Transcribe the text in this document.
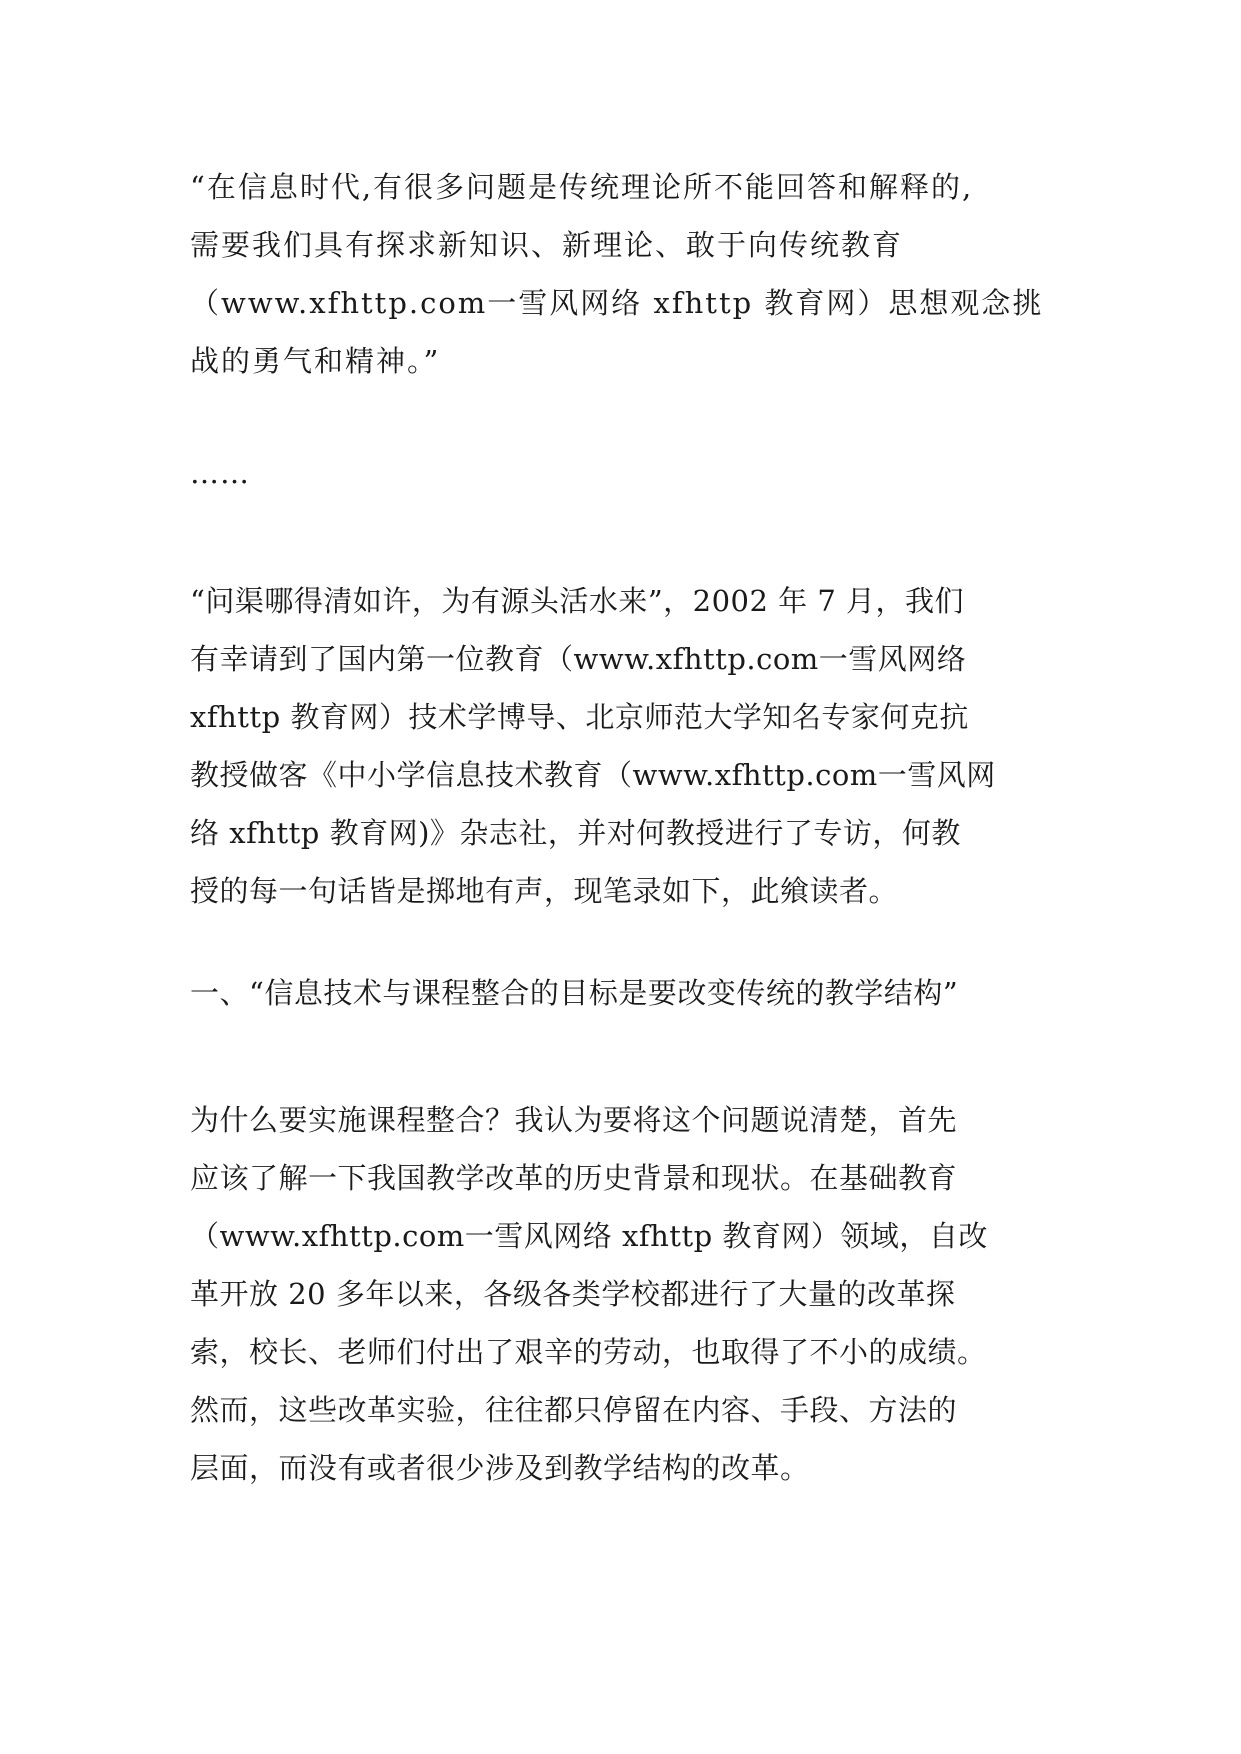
“在信息时代,有很多问题是传统理论所不能回答和解释的,
需要我们具有探求新知识、新理论、敢于向传统教育
（www.xfhttp.com一雪风网络 xfhttp 教育网）思想观念挑
战的勇气和精神。”
……
“问渠哪得清如许，为有源头活水来”，2002 年 7 月，我们
有幸请到了国内第一位教育（www.xfhttp.com一雪风网络
xfhttp 教育网）技术学博导、北京师范大学知名专家何克抗
教授做客《中小学信息技术教育（www.xfhttp.com一雪风网
络 xfhttp 教育网)》杂志社，并对何教授进行了专访，何教
授的每一句话皆是掷地有声，现笔录如下，此飨读者。
一、“信息技术与课程整合的目标是要改变传统的教学结构”
为什么要实施课程整合？我认为要将这个问题说清楚，首先
应该了解一下我国教学改革的历史背景和现状。在基础教育
（www.xfhttp.com一雪风网络 xfhttp 教育网）领域，自改
革开放 20 多年以来，各级各类学校都进行了大量的改革探
索，校长、老师们付出了艰辛的劳动，也取得了不小的成绩。
然而，这些改革实验，往往都只停留在内容、手段、方法的
层面，而没有或者很少涉及到教学结构的改革。
